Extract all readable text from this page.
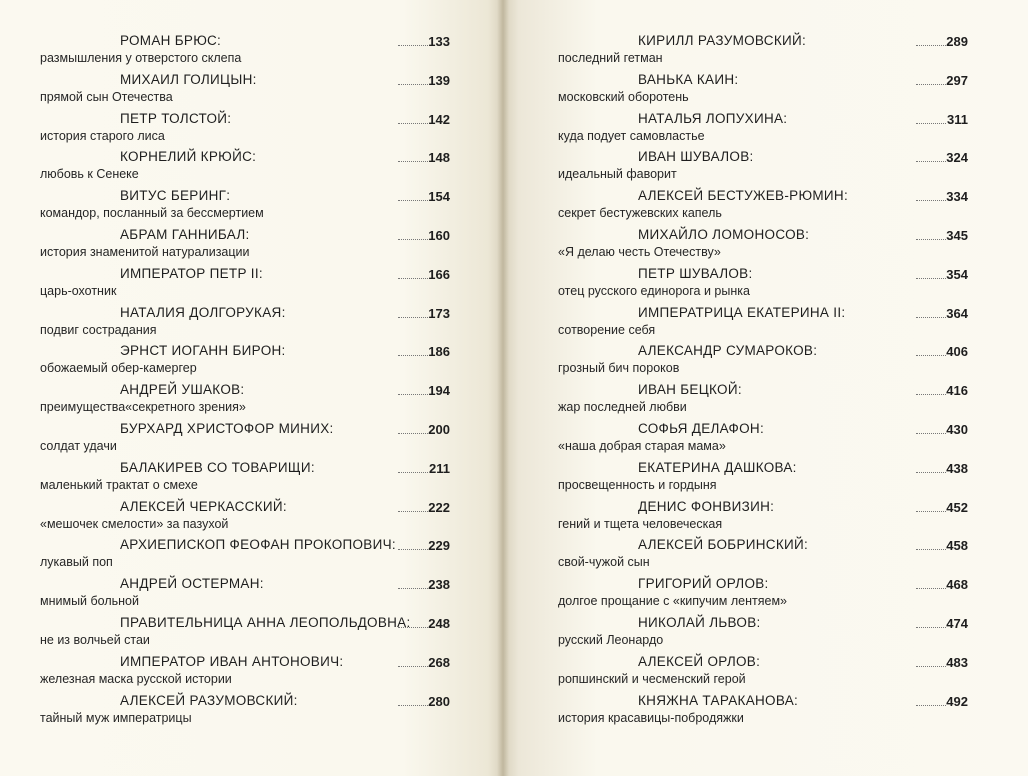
РОМАН БРЮС:
размышления у отверстого склепа
133
МИХАИЛ ГОЛИЦЫН:
прямой сын Отечества
139
ПЕТР ТОЛСТОЙ:
история старого лиса
142
КОРНЕЛИЙ КРЮЙС:
любовь к Сенеке
148
ВИТУС БЕРИНГ:
командор, посланный за бессмертием
154
АБРАМ ГАННИБАЛ:
история знаменитой натурализации
160
ИМПЕРАТОР ПЕТР II:
царь-охотник
166
НАТАЛИЯ ДОЛГОРУКАЯ:
подвиг сострадания
173
ЭРНСТ ИОГАНН БИРОН:
обожаемый обер-камергер
186
АНДРЕЙ УШАКОВ:
преимущества«секретного зрения»
194
БУРХАРД ХРИСТОФОР МИНИХ:
солдат удачи
200
БАЛАКИРЕВ СО ТОВАРИЩИ:
маленький трактат о смехе
211
АЛЕКСЕЙ ЧЕРКАССКИЙ:
«мешочек смелости» за пазухой
222
АРХИЕПИСКОП ФЕОФАН ПРОКОПОВИЧ:
лукавый поп
229
АНДРЕЙ ОСТЕРМАН:
мнимый больной
238
ПРАВИТЕЛЬНИЦА АННА ЛЕОПОЛЬДОВНА:
не из волчьей стаи
248
ИМПЕРАТОР ИВАН АНТОНОВИЧ:
железная маска русской истории
268
АЛЕКСЕЙ РАЗУМОВСКИЙ:
тайный муж императрицы
280
КИРИЛЛ РАЗУМОВСКИЙ:
последний гетман
289
ВАНЬКА КАИН:
московский оборотень
297
НАТАЛЬЯ ЛОПУХИНА:
куда подует самовластье
311
ИВАН ШУВАЛОВ:
идеальный фаворит
324
АЛЕКСЕЙ БЕСТУЖЕВ-РЮМИН:
секрет бестужевских капель
334
МИХАЙЛО ЛОМОНОСОВ:
«Я делаю честь Отечеству»
345
ПЕТР ШУВАЛОВ:
отец русского единорога и рынка
354
ИМПЕРАТРИЦА ЕКАТЕРИНА II:
сотворение себя
364
АЛЕКСАНДР СУМАРОКОВ:
грозный бич пороков
406
ИВАН БЕЦКОЙ:
жар последней любви
416
СОФЬЯ ДЕЛАФОН:
«наша добрая старая мама»
430
ЕКАТЕРИНА ДАШКОВА:
просвещенность и гордыня
438
ДЕНИС ФОНВИЗИН:
гений и тщета человеческая
452
АЛЕКСЕЙ БОБРИНСКИЙ:
свой-чужой сын
458
ГРИГОРИЙ ОРЛОВ:
долгое прощание с «кипучим лентяем»
468
НИКОЛАЙ ЛЬВОВ:
русский Леонардо
474
АЛЕКСЕЙ ОРЛОВ:
ропшинский и чесменский герой
483
КНЯЖНА ТАРАКАНОВА:
история красавицы-побродяжки
492
